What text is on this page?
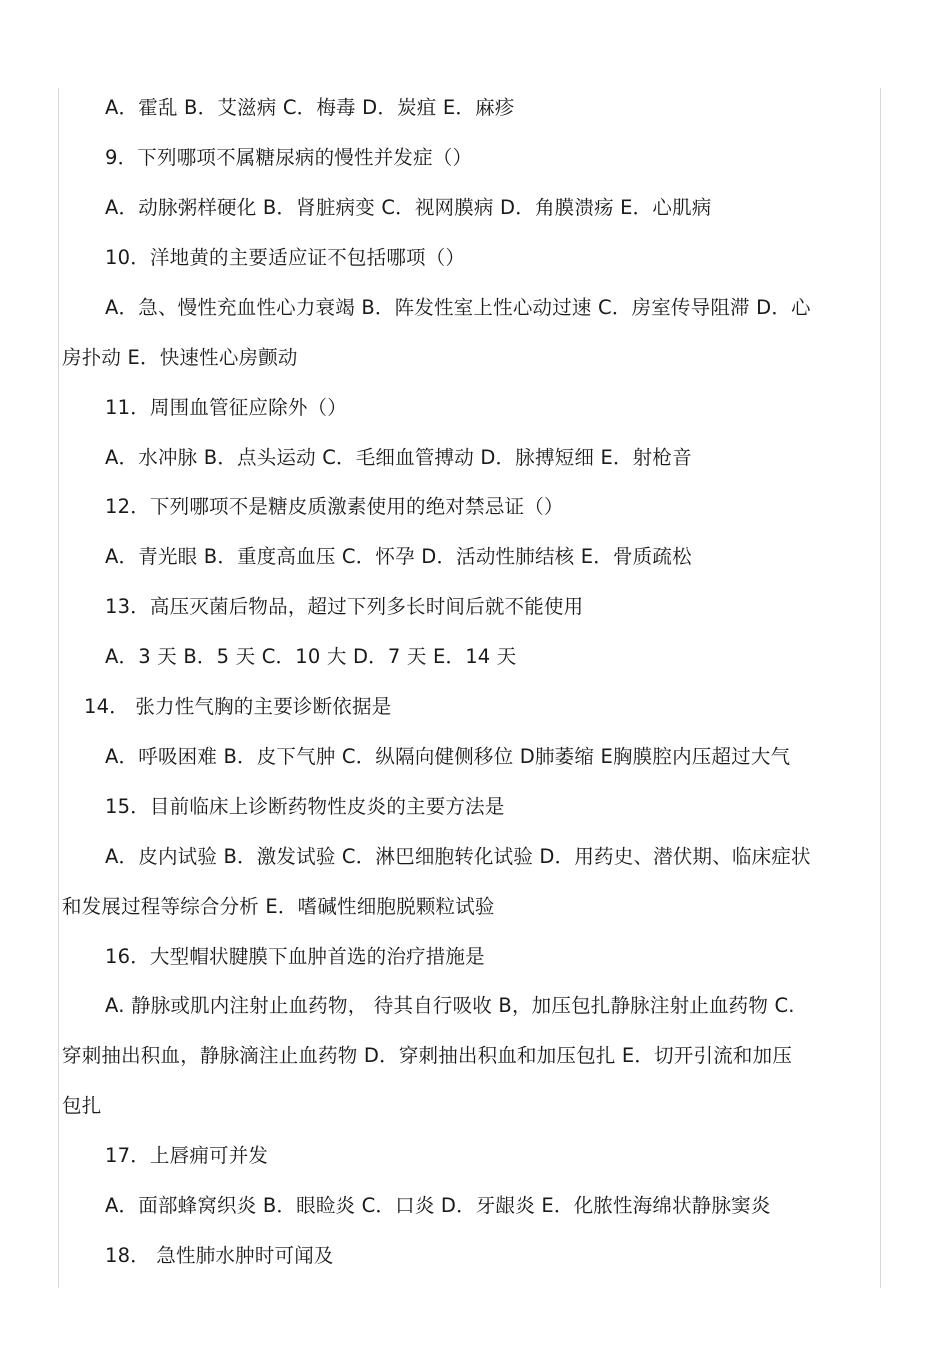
A．霍乱 B．艾滋病 C．梅毒 D．炭疽 E．麻疹
9．下列哪项不属糖尿病的慢性并发症（）
A．动脉粥样硬化 B．肾脏病变 C．视网膜病 D．角膜溃疡 E．心肌病
10．洋地黄的主要适应证不包括哪项（）
A．急、慢性充血性心力衰竭 B．阵发性室上性心动过速 C．房室传导阻滞 D．心
房扑动 E．快速性心房颤动
11．周围血管征应除外（）
A．水冲脉 B．点头运动 C．毛细血管搏动 D．脉搏短细 E．射枪音
12．下列哪项不是糖皮质激素使用的绝对禁忌证（）
A．青光眼 B．重度高血压 C．怀孕 D．活动性肺结核 E．骨质疏松
13．高压灭菌后物品，超过下列多长时间后就不能使用
A．3 天 B．5 天 C．10 大 D．7 天 E．14 天
14． 张力性气胸的主要诊断依据是
A．呼吸困难 B．皮下气肿 C．纵隔向健侧移位 D肺萎缩 E胸膜腔内压超过大气
15．目前临床上诊断药物性皮炎的主要方法是
A．皮内试验 B．激发试验 C．淋巴细胞转化试验 D．用药史、潜伏期、临床症状
和发展过程等综合分析 E．嗜碱性细胞脱颗粒试验
16．大型帽状腱膜下血肿首选的治疗措施是
A. 静脉或肌内注射止血药物， 待其自行吸收 B，加压包扎静脉注射止血药物 C.
穿刺抽出积血，静脉滴注止血药物 D．穿刺抽出积血和加压包扎 E．切开引流和加压
包扎
17．上唇痈可并发
A．面部蜂窝织炎 B．眼睑炎 C．口炎 D．牙龈炎 E．化脓性海绵状静脉窦炎
18． 急性肺水肿时可闻及
